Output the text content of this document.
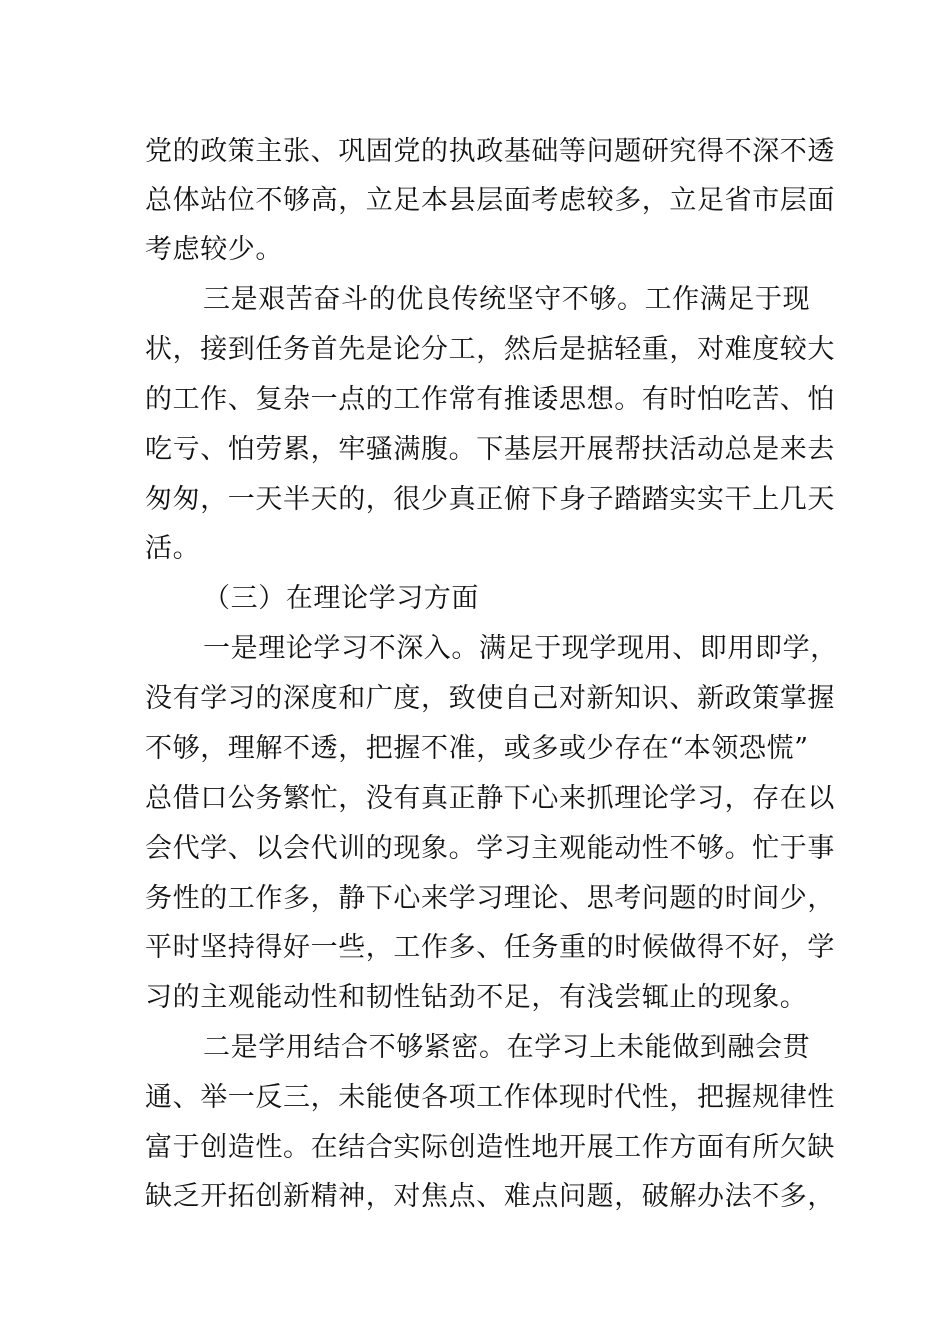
党的政策主张、巩固党的执政基础等问题研究得不深不透
总体站位不够高，立足本县层面考虑较多，立足省市层面
考虑较少。
三是艰苦奋斗的优良传统坚守不够。工作满足于现
状，接到任务首先是论分工，然后是掂轻重，对难度较大
的工作、复杂一点的工作常有推诿思想。有时怕吃苦、怕
吃亏、怕劳累，牢骚满腹。下基层开展帮扶活动总是来去
匆匆，一天半天的，很少真正俯下身子踏踏实实干上几天
活。
（三）在理论学习方面
一是理论学习不深入。满足于现学现用、即用即学，
没有学习的深度和广度，致使自己对新知识、新政策掌握
不够，理解不透，把握不准，或多或少存在“本领恐慌”
总借口公务繁忙，没有真正静下心来抓理论学习，存在以
会代学、以会代训的现象。学习主观能动性不够。忙于事
务性的工作多，静下心来学习理论、思考问题的时间少，
平时坚持得好一些，工作多、任务重的时候做得不好，学
习的主观能动性和韧性钻劲不足，有浅尝辄止的现象。
二是学用结合不够紧密。在学习上未能做到融会贯
通、举一反三，未能使各项工作体现时代性，把握规律性
富于创造性。在结合实际创造性地开展工作方面有所欠缺
缺乏开拓创新精神，对焦点、难点问题，破解办法不多，
